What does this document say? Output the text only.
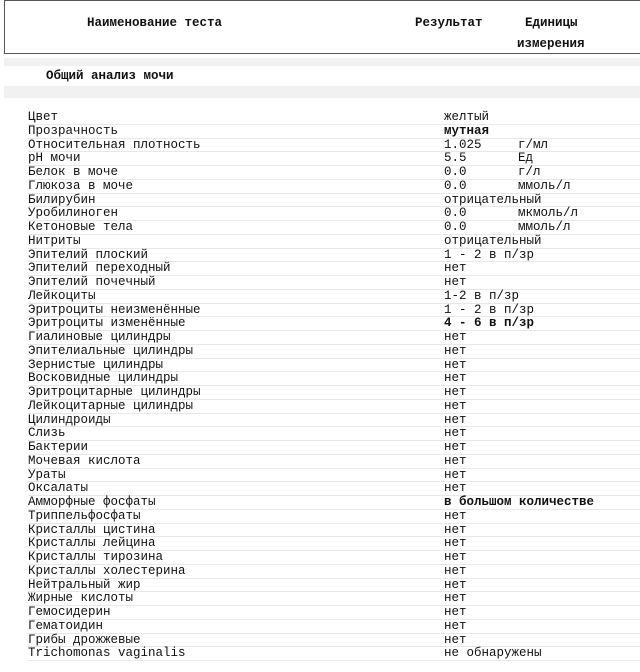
Наименование теста	Результат	Единицы
измерения
Общий анализ мочи
Цвет	желтый
Прозрачность	мутная
Относительная плотность	1.025	г/мл
pH мочи	5.5	Ед
Белок в моче	0.0	г/л
Глюкоза в моче	0.0	ммоль/л
Билирубин	отрицательный
Уробилиноген	0.0	мкмоль/л
Кетоновые тела	0.0	ммоль/л
Нитриты	отрицательный
Эпителий плоский	1 - 2 в п/зр
Эпителий переходный	нет
Эпителий почечный	нет
Лейкоциты	1-2 в п/зр
Эритроциты неизменённые	1 - 2 в п/зр
Эритроциты изменённые	4 - 6 в п/зр
Гиалиновые цилиндры	нет
Эпителиальные цилиндры	нет
Зернистые цилиндры	нет
Восковидные цилиндры	нет
Эритроцитарные цилиндры	нет
Лейкоцитарные цилиндры	нет
Цилиндроиды	нет
Слизь	нет
Бактерии	нет
Мочевая кислота	нет
Ураты	нет
Оксалаты	нет
Амморфные фосфаты	в большом количестве
Триппельфосфаты	нет
Кристаллы цистина	нет
Кристаллы лейцина	нет
Кристаллы тирозина	нет
Кристаллы холестерина	нет
Нейтральный жир	нет
Жирные кислоты	нет
Гемосидерин	нет
Гематоидин	нет
Грибы дрожжевые	нет
Trichomonas vaginalis	не обнаружены
